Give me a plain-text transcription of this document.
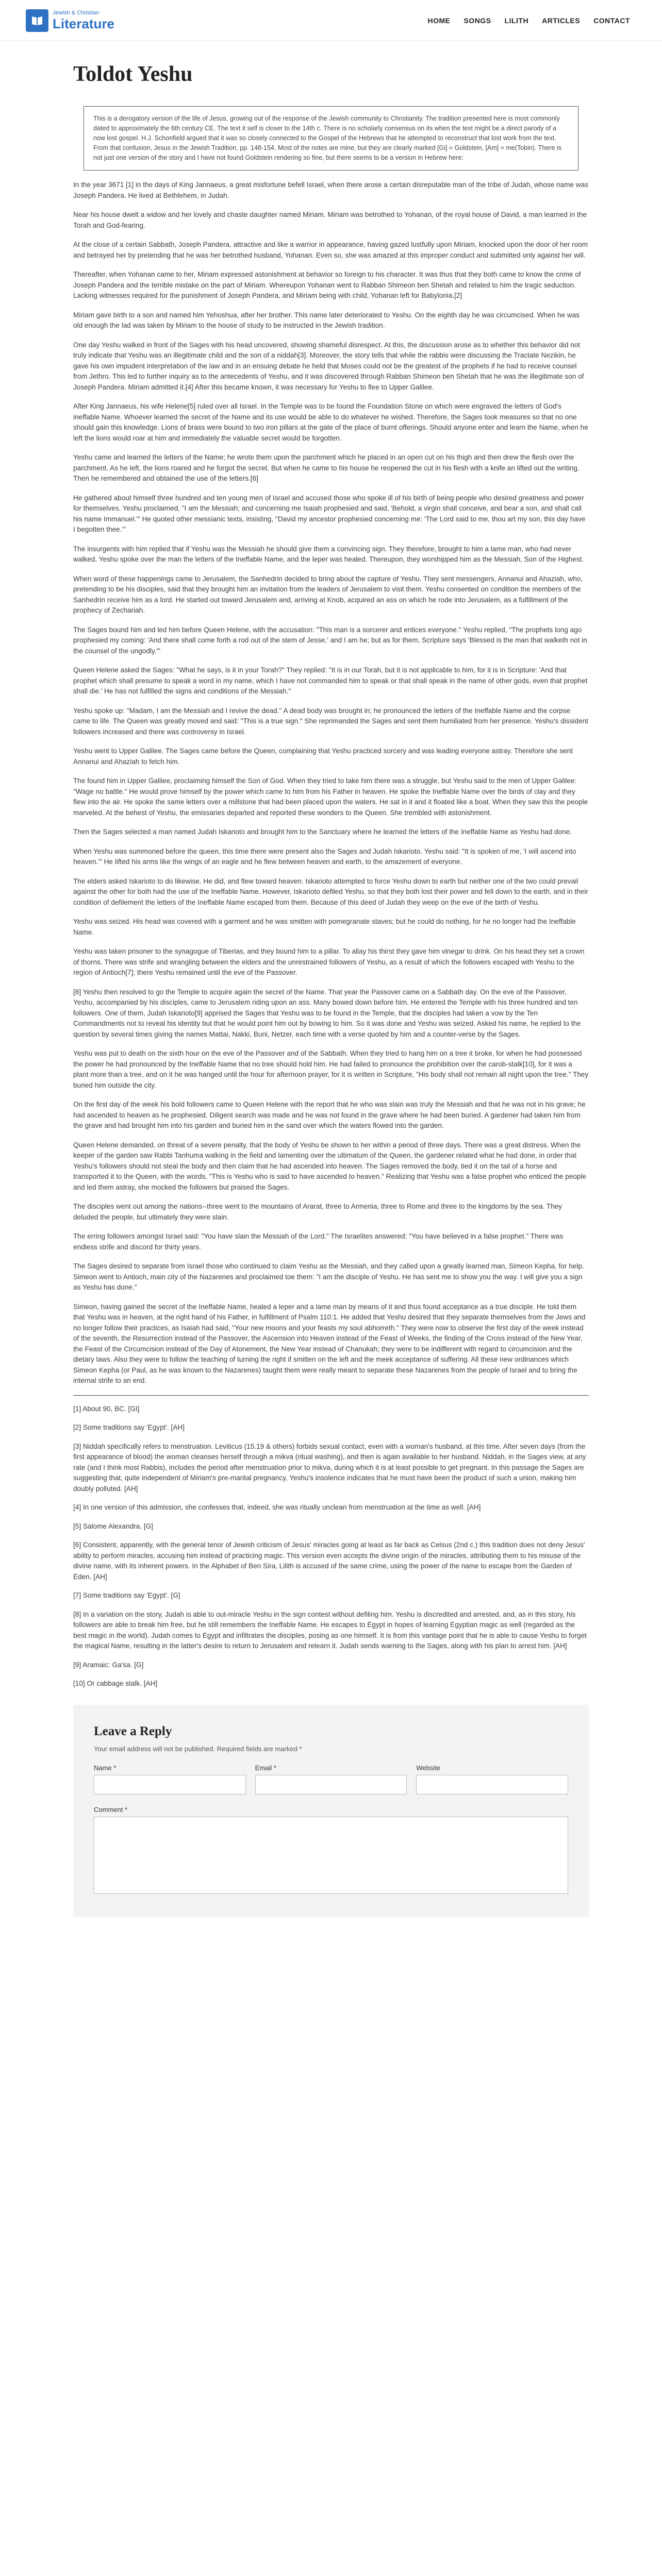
Jewish & Christian
Literature	HOME SONGS LILITH ARTICLES CONTACT
Toldot Yeshu
This is a derogatory version of the life of Jesus, growing out of the response of the Jewish community to Christianity. The tradition presented here is most commonly dated to approximately the 6th century CE. The text it self is closer to the 14th c. There is no scholarly consensus on its when the text might be a direct parody of a now lost gospel. H.J. Schonfield argued that it was so closely connected to the Gospel of the Hebrews that he attempted to reconstruct that lost work from the text. From that confusion, Jesus in the Jewish Tradition, pp. 148-154. Most of the notes are mine, but they are clearly marked [Gi] = Goldstein, [Am] = me(Tobin). There is not just one version of the story and I have not found Goldstein rendering so fine, but there seems to be a version in Hebrew here:

In the year 3671 [1] in the days of King Jannaeus, a great misfortune befell Israel, when there arose a certain disreputable man of the tribe of Judah, whose name was Joseph Pandera. He lived at Bethlehem, in Judah.

Near his house dwelt a widow and her lovely and chaste daughter named Miriam. Miriam was betrothed to Yohanan, of the royal house of David, a man learned in the Torah and God-fearing.

At the close of a certain Sabbath, Joseph Pandera, attractive and like a warrior in appearance, having gazed lustfully upon Miriam, knocked upon the door of her room and betrayed her by pretending that he was her betrothed husband, Yohanan. Even so, she was amazed at this improper conduct and submitted only against her will.

Thereafter, when Yohanan came to her, Miriam expressed astonishment at behavior so foreign to his character. It was thus that they both came to know the crime of Joseph Pandera and the terrible mistake on the part of Miriam. Whereupon Yohanan went to Rabban Shimeon ben Shetah and related to him the tragic seduction. Lacking witnesses required for the punishment of Joseph Pandera, and Miriam being with child, Yohanan left for Babylonia.[2]

Miriam gave birth to a son and named him Yehoshua, after her brother. This name later deteriorated to Yeshu. On the eighth day he was circumcised. When he was old enough the lad was taken by Miriam to the house of study to be instructed in the Jewish tradition.

One day Yeshu walked in front of the Sages with his head uncovered, showing shameful disrespect. At this, the discussion arose as to whether this behavior did not truly indicate that Yeshu was an illegitimate child and the son of a niddah[3]. Moreover, the story tells that while the rabbis were discussing the Tractate Nezikin, he gave his own impudent interpretation of the law and in an ensuing debate he held that Moses could not be the greatest of the prophets if he had to receive counsel from Jethro. This led to further inquiry as to the antecedents of Yeshu, and it was discovered through Rabban Shimeon ben Shetah that he was the illegitimate son of Joseph Pandera. Miriam admitted it.[4] After this became known, it was necessary for Yeshu to flee to Upper Galilee.

After King Jannaeus, his wife Helene[5] ruled over all Israel. In the Temple was to be found the Foundation Stone on which were engraved the letters of God's ineffable Name. Whoever learned the secret of the Name and its use would be able to do whatever he wished. Therefore, the Sages took measures so that no one should gain this knowledge. Lions of brass were bound to two iron pillars at the gate of the place of burnt offerings. Should anyone enter and learn the Name, when he left the lions would roar at him and immediately the valuable secret would be forgotten.

Yeshu came and learned the letters of the Name; he wrote them upon the parchment which he placed in an open cut on his thigh and then drew the flesh over the parchment. As he left, the lions roared and he forgot the secret. But when he came to his house he reopened the cut in his flesh with a knife an lifted out the writing. Then he remembered and obtained the use of the letters.[6]

He gathered about himself three hundred and ten young men of Israel and accused those who spoke ill of his birth of being people who desired greatness and power for themselves. Yeshu proclaimed, "I am the Messiah; and concerning me Isaiah prophesied and said, 'Behold, a virgin shall conceive, and bear a son, and shall call his name Immanuel.'" He quoted other messianic texts, insisting, "David my ancestor prophesied concerning me: 'The Lord said to me, thou art my son, this day have I begotten thee.'"

The insurgents with him replied that if Yeshu was the Messiah he should give them a convincing sign. They therefore, brought to him a lame man, who had never walked. Yeshu spoke over the man the letters of the Ineffable Name, and the leper was healed. Thereupon, they worshipped him as the Messiah, Son of the Highest.

When word of these happenings came to Jerusalem, the Sanhedrin decided to bring about the capture of Yeshu. They sent messengers, Annanui and Ahaziah, who, pretending to be his disciples, said that they brought him an invitation from the leaders of Jerusalem to visit them. Yeshu consented on condition the members of the Sanhedrin receive him as a lord. He started out toward Jerusalem and, arriving at Knob, acquired an ass on which he rode into Jerusalem, as a fulfillment of the prophecy of Zechariah.

The Sages bound him and led him before Queen Helene, with the accusation: "This man is a sorcerer and entices everyone." Yeshu replied, "The prophets long ago prophesied my coming: 'And there shall come forth a rod out of the stem of Jesse,' and I am he; but as for them, Scripture says 'Blessed is the man that walketh not in the counsel of the ungodly.'"

Queen Helene asked the Sages: "What he says, is it in your Torah?" They replied: "It is in our Torah, but it is not applicable to him, for it is in Scripture: 'And that prophet which shall presume to speak a word in my name, which I have not commanded him to speak or that shall speak in the name of other gods, even that prophet shall die.' He has not fulfilled the signs and conditions of the Messiah."

Yeshu spoke up: "Madam, I am the Messiah and I revive the dead." A dead body was brought in; he pronounced the letters of the Ineffable Name and the corpse came to life. The Queen was greatly moved and said: "This is a true sign." She reprimanded the Sages and sent them humiliated from her presence. Yeshu's dissident followers increased and there was controversy in Israel.

Yeshu went to Upper Galilee. The Sages came before the Queen, complaining that Yeshu practiced sorcery and was leading everyone astray. Therefore she sent Annanui and Ahaziah to fetch him.

The found him in Upper Galilee, proclaiming himself the Son of God. When they tried to take him there was a struggle, but Yeshu said to the men of Upper Galilee: "Wage no battle." He would prove himself by the power which came to him from his Father in heaven. He spoke the Ineffable Name over the birds of clay and they flew into the air. He spoke the same letters over a millstone that had been placed upon the waters. He sat in it and it floated like a boat. When they saw this the people marveled. At the behest of Yeshu, the emissaries departed and reported these wonders to the Queen. She trembled with astonishment.

Then the Sages selected a man named Judah Iskarioto and brought him to the Sanctuary where he learned the letters of the Ineffable Name as Yeshu had done.

When Yeshu was summoned before the queen, this time there were present also the Sages and Judah Iskarioto. Yeshu said: "It is spoken of me, 'I will ascend into heaven.'" He lifted his arms like the wings of an eagle and he flew between heaven and earth, to the amazement of everyone.

The elders asked Iskarioto to do likewise. He did, and flew toward heaven. Iskarioto attempted to force Yeshu down to earth but neither one of the two could prevail against the other for both had the use of the Ineffable Name. However, Iskarioto defiled Yeshu, so that they both lost their power and fell down to the earth, and in their condition of defilement the letters of the Ineffable Name escaped from them. Because of this deed of Judah they weep on the eve of the birth of Yeshu.

Yeshu was seized. His head was covered with a garment and he was smitten with pomegranate staves; but he could do nothing, for he no longer had the Ineffable Name.

Yeshu was taken prisoner to the synagogue of Tiberias, and they bound him to a pillar. To allay his thirst they gave him vinegar to drink. On his head they set a crown of thorns. There was strife and wrangling between the elders and the unrestrained followers of Yeshu, as a result of which the followers escaped with Yeshu to the region of Antioch[7]; there Yeshu remained until the eve of the Passover.

[8] Yeshu then resolved to go the Temple to acquire again the secret of the Name. That year the Passover came on a Sabbath day. On the eve of the Passover, Yeshu, accompanied by his disciples, came to Jerusalem riding upon an ass. Many bowed down before him. He entered the Temple with his three hundred and ten followers. One of them, Judah Iskarioto[9] apprised the Sages that Yeshu was to be found in the Temple, that the disciples had taken a vow by the Ten Commandments not to reveal his identity but that he would point him out by bowing to him. So it was done and Yeshu was seized. Asked his name, he replied to the question by several times giving the names Mattai, Nakki, Buni, Netzer, each time with a verse quoted by him and a counter-verse by the Sages.

Yeshu was put to death on the sixth hour on the eve of the Passover and of the Sabbath. When they tried to hang him on a tree it broke, for when he had possessed the power he had pronounced by the Ineffable Name that no tree should hold him. He had failed to pronounce the prohibition over the carob-stalk[10], for it was a plant more than a tree, and on it he was hanged until the hour for afternoon prayer, for it is written in Scripture, "His body shall not remain all night upon the tree." They buried him outside the city.

On the first day of the week his bold followers came to Queen Helene with the report that he who was slain was truly the Messiah and that he was not in his grave; he had ascended to heaven as he prophesied. Diligent search was made and he was not found in the grave where he had been buried. A gardener had taken him from the grave and had brought him into his garden and buried him in the sand over which the waters flowed into the garden.

Queen Helene demanded, on threat of a severe penalty, that the body of Yeshu be shown to her within a period of three days. There was a great distress. When the keeper of the garden saw Rabbi Tanhuma walking in the field and lamenting over the ultimatum of the Queen, the gardener related what he had done, in order that Yeshu's followers should not steal the body and then claim that he had ascended into heaven. The Sages removed the body, tied it on the tail of a horse and transported it to the Queen, with the words, "This is Yeshu who is said to have ascended to heaven." Realizing that Yeshu was a false prophet who enticed the people and led them astray, she mocked the followers but praised the Sages.

The disciples went out among the nations--three went to the mountains of Ararat, three to Armenia, three to Rome and three to the kingdoms by the sea. They deluded the people, but ultimately they were slain.

The erring followers amongst Israel said: "You have slain the Messiah of the Lord." The Israelites answered: "You have believed in a false prophet." There was endless strife and discord for thirty years.

The Sages desired to separate from Israel those who continued to claim Yeshu as the Messiah, and they called upon a greatly learned man, Simeon Kepha, for help. Simeon went to Antioch, main city of the Nazarenes and proclaimed toe them: "I am the disciple of Yeshu. He has sent me to show you the way. I will give you a sign as Yeshu has done."

Simeon, having gained the secret of the Ineffable Name, healed a leper and a lame man by means of it and thus found acceptance as a true disciple. He told them that Yeshu was in heaven, at the right hand of his Father, in fulfillment of Psalm 110:1. He added that Yeshu desired that they separate themselves from the Jews and no longer follow their practices, as Isaiah had said, "Your new moons and your feasts my soul abhorreth." They were now to observe the first day of the week instead of the seventh, the Resurrection instead of the Passover, the Ascension into Heaven instead of the Feast of Weeks, the finding of the Cross instead of the New Year, the Feast of the Circumcision instead of the Day of Atonement, the New Year instead of Chanukah; they were to be indifferent with regard to circumcision and the dietary laws. Also they were to follow the teaching of turning the right if smitten on the left and the meek acceptance of suffering. All these new ordinances which Simeon Kepha (or Paul, as he was known to the Nazarenes) taught them were really meant to separate these Nazarenes from the people of Israel and to bring the internal strife to an end.

[1] About 90, BC. [GI]

[2] Some traditions say 'Egypt'. [AH]

[3] Niddah specifically refers to menstruation. Leviticus (15.19 & others) forbids sexual contact, even with a woman's husband, at this time. After seven days (from the first appearance of blood) the woman cleanses herself through a mikva (ritual washing), and then is again available to her husband. Niddah, in the Sages view, at any rate (and I think most Rabbis), includes the period after menstruation prior to mikva, during which it is at least possible to get pregnant. In this passage the Sages are suggesting that, quite independent of Miriam's pre-marital pregnancy, Yeshu's insolence indicates that he must have been the product of such a union, making him doubly polluted. [AH]

[4] In one version of this admission, she confesses that, indeed, she was ritually unclean from menstruation at the time as well. [AH]

[5] Salome Alexandra. [G]

[6] Consistent, apparently, with the general tenor of Jewish criticism of Jesus' miracles going at least as far back as Celsus (2nd c.) this tradition does not deny Jesus' ability to perform miracles, accusing him instead of practicing magic. This version even accepts the divine origin of the miracles, attributing them to his misuse of the divine name, with its inherent powers. In the Alphabet of Ben Sira, Lilith is accused of the same crime, using the power of the name to escape from the Garden of Eden. [AH]

[7] Some traditions say 'Egypt'. [G]

[8] In a variation on the story, Judah is able to out-miracle Yeshu in the sign contest without defiling him. Yeshu is discredited and arrested, and, as in this story, his followers are able to break him free, but he still remembers the Ineffable Name. He escapes to Egypt in hopes of learning Egyptian magic as well (regarded as the best magic in the world). Judah comes to Egypt and infiltrates the disciples, posing as one himself. It is from this vantage point that he is able to cause Yeshu to forget the magical Name, resulting in the latter's desire to return to Jerusalem and relearn it. Judah sends warning to the Sages, along with his plan to arrest him. [AH]

[9] Aramaic: Ga'sa. [G]

[10] Or cabbage stalk. [AH]

Leave a Reply

Your email address will not be published. Required fields are marked *

Name *	Email *	Website
Comment *
